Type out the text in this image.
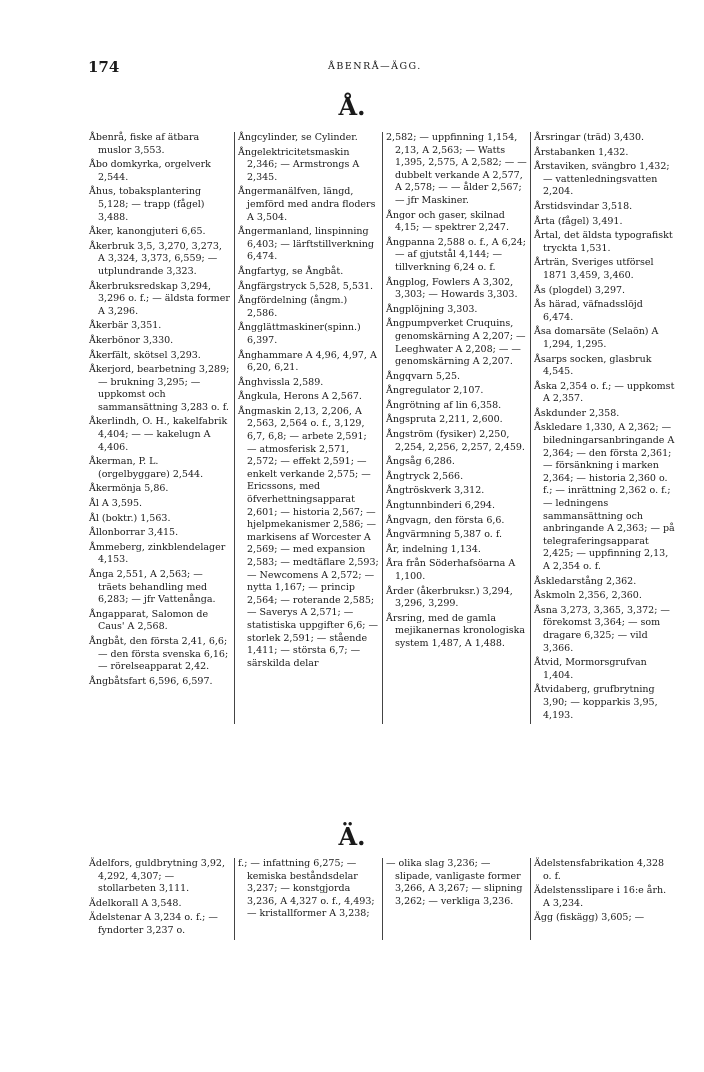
174	ÅBENRÅ—ÄGG.
Å.
Åbenrå, fiske af ätbara muslor 3,553.
Åbo domkyrka, orgelverk 2,544.
Åhus, tobaksplantering 5,128; — trapp (fågel) 3,488.
Åker, kanongjuteri 6,65.
Åkerbruk 3,5, 3,270, 3,273, A 3,324, 3,373, 6,559; — utplundrande 3,323.
Åkerbruksredskap 3,294, 3,296 o. f.; — äldsta former A 3,296.
Åkerbär 3,351.
Åkerbönor 3,330.
Åkerfält, skötsel 3,293.
Åkerjord, bearbetning 3,289; — brukning 3,295; — uppkomst och sammansättning 3,283 o. f.
Åkerlindh, O. H., kakelfabrik 4,404; — — kakelugn A 4,406.
Åkerman, P. L. (orgelbyggare) 2,544.
Åkermönja 5,86.
Ål A 3,595.
Ål (boktr.) 1,563.
Ållonborrar 3,415.
Åmmeberg, zinkblendelager 4,153.
Ånga 2,551, A 2,563; — träets behandling med 6,283; — jfr Vattenånga.
Ångapparat, Salomon de Caus' A 2,568.
Ångbåt, den första 2,41, 6,6; — den första svenska 6,16; — rörelseapparat 2,42.
Ångbåtsfart 6,596, 6,597.
Ångcylinder, se Cylinder.
Ångelektricitetsmaskin 2,346; — Armstrongs A 2,345.
Ångermanälfven, längd, jemförd med andra floders A 3,504.
Ångermanland, linspinning 6,403; — lärftstillverkning 6,474.
Ångfartyg, se Ångbåt.
Ångfärgstryck 5,528, 5,531.
Ångfördelning (ångm.) 2,586.
Ångglättmaskiner(spinn.) 6,397.
Ånghammare A 4,96, 4,97, A 6,20, 6,21.
Ånghvissla 2,589.
Ångkula, Herons A 2,567.
Ångmaskin 2,13, 2,206, A 2,563, 2,564 o. f., 3,129, 6,7, 6,8; — arbete 2,591; — atmosferisk 2,571, 2,572; — effekt 2,591; — enkelt verkande 2,575; — Ericssons, med öfverhettningsapparat 2,601; — historia 2,567; — hjelpmekanismer 2,586; — markisens af Worcester A 2,569; — med expansion 2,583; — medtäflare 2,593; — Newcomens A 2,572; — nytta 1,167; — princip 2,564; — roterande 2,585; — Saverys A 2,571; — statistiska uppgifter 6,6; — storlek 2,591; — stående 1,411; — största 6,7; — särskilda delar
2,582; — uppfinning 1,154, 2,13, A 2,563; — Watts 1,395, 2,575, A 2,582; — — dubbelt verkande A 2,577, A 2,578; — — ålder 2,567; — jfr Maskiner.
Ångor och gaser, skilnad 4,15; — spektrer 2,247.
Ångpanna 2,588 o. f., A 6,24; — af gjutstål 4,144; — tillverkning 6,24 o. f.
Ångplog, Fowlers A 3,302, 3,303; — Howards 3,303.
Ångplöjning 3,303.
Ångpumpverket Cruquins, genomskärning A 2,207; — Leeghwater A 2,208; — — genomskärning A 2,207.
Ångqvarn 5,25.
Ångregulator 2,107.
Ångrötning af lin 6,358.
Ångspruta 2,211, 2,600.
Ångström (fysiker) 2,250, 2,254, 2,256, 2,257, 2,459.
Ångsåg 6,286.
Ångtryck 2,566.
Ångtröskverk 3,312.
Ångtunnbinderi 6,294.
Ångvagn, den första 6,6.
Ångvärmning 5,387 o. f.
År, indelning 1,134.
Åra från Söderhafsöarna A 1,100.
Årder (åkerbruksr.) 3,294, 3,296, 3,299.
Årsring, med de gamla mejikanernas kronologiska system 1,487, A 1,488.
Årsringar (träd) 3,430.
Årstabanken 1,432.
Årstaviken, svängbro 1,432; — vattenledningsvatten 2,204.
Årstidsvindar 3,518.
Årta (fågel) 3,491.
Årtal, det äldsta typografiskt tryckta 1,531.
Årträn, Sveriges utförsel 1871 3,459, 3,460.
Ås (plogdel) 3,297.
Ås härad, väfnadsslöjd 6,474.
Åsa domarsäte (Selaön) A 1,294, 1,295.
Åsarps socken, glasbruk 4,545.
Åska 2,354 o. f.; — uppkomst A 2,357.
Åskdunder 2,358.
Åskledare 1,330, A 2,362; — biledningarsanbringande A 2,364; — den första 2,361; — försänkning i marken 2,364; — historia 2,360 o. f.; — inrättning 2,362 o. f.; — ledningens sammansättning och anbringande A 2,363; — på telegraferingsapparat 2,425; — uppfinning 2,13, A 2,354 o. f.
Åskledarstång 2,362.
Åskmoln 2,356, 2,360.
Åsna 3,273, 3,365, 3,372; — förekomst 3,364; — som dragare 6,325; — vild 3,366.
Åtvid, Mormorsgrufvan 1,404.
Åtvidaberg, grufbrytning 3,90; — kopparkis 3,95, 4,193.
Ä.
Ädelfors, guldbrytning 3,92, 4,292, 4,307; — stollarbeten 3,111.
Ädelkorall A 3,548.
Ädelstenar A 3,234 o. f.; — fyndorter 3,237 o.
f.; — infattning 6,275; — kemiska beståndsdelar 3,237; — konstgjorda 3,236, A 4,327 o. f., 4,493; — kristallformer A 3,238;
— olika slag 3,236; — slipade, vanligaste former 3,266, A 3,267; — slipning 3,262; — verkliga 3,236.
Ädelstensfabrikation 4,328 o. f.
Ädelstensslipare i 16:e årh. A 3,234.
Ägg (fiskägg) 3,605; —
